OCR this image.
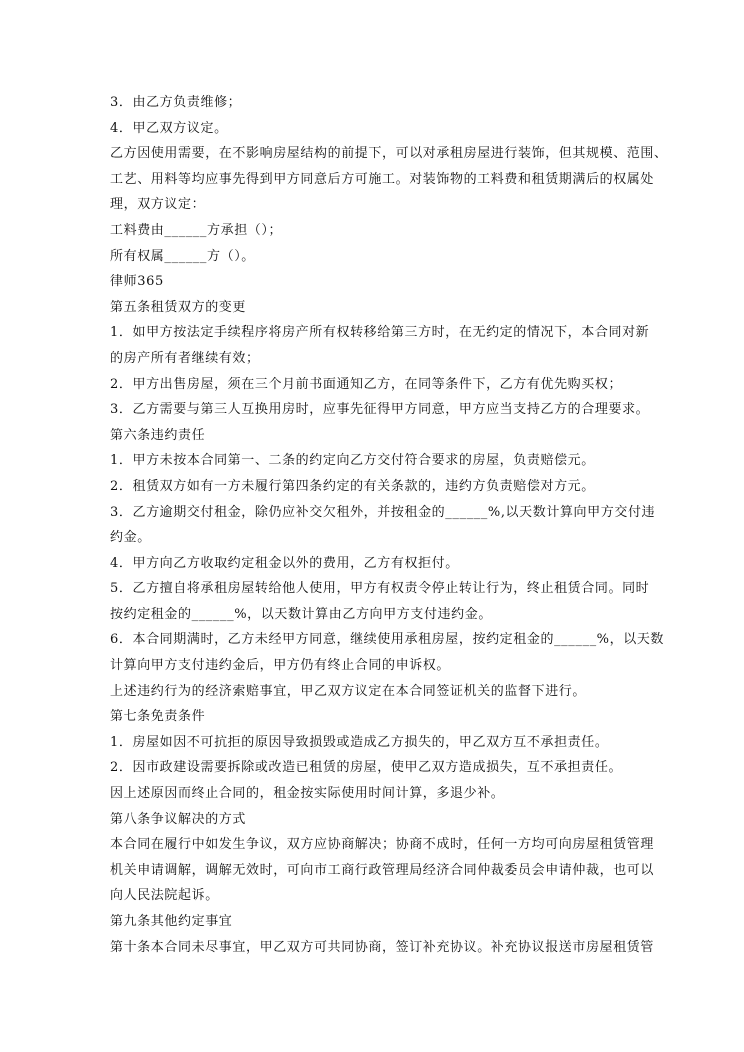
3．由乙方负责维修；
4．甲乙双方议定。
乙方因使用需要，在不影响房屋结构的前提下，可以对承租房屋进行装饰，但其规模、范围、
工艺、用料等均应事先得到甲方同意后方可施工。对装饰物的工料费和租赁期满后的权属处
理，双方议定：
工料费由______方承担（）；
所有权属______方（）。
律师365
第五条租赁双方的变更
1．如甲方按法定手续程序将房产所有权转移给第三方时，在无约定的情况下，本合同对新
的房产所有者继续有效；
2．甲方出售房屋，须在三个月前书面通知乙方，在同等条件下，乙方有优先购买权；
3．乙方需要与第三人互换用房时，应事先征得甲方同意，甲方应当支持乙方的合理要求。
第六条违约责任
1．甲方未按本合同第一、二条的约定向乙方交付符合要求的房屋，负责赔偿元。
2．租赁双方如有一方未履行第四条约定的有关条款的，违约方负责赔偿对方元。
3．乙方逾期交付租金，除仍应补交欠租外，并按租金的______%,以天数计算向甲方交付违
约金。
4．甲方向乙方收取约定租金以外的费用，乙方有权拒付。
5．乙方擅自将承租房屋转给他人使用，甲方有权责令停止转让行为，终止租赁合同。同时
按约定租金的______%，以天数计算由乙方向甲方支付违约金。
6．本合同期满时，乙方未经甲方同意，继续使用承租房屋，按约定租金的______%，以天数
计算向甲方支付违约金后，甲方仍有终止合同的申诉权。
上述违约行为的经济索赔事宜，甲乙双方议定在本合同签证机关的监督下进行。
第七条免责条件
1．房屋如因不可抗拒的原因导致损毁或造成乙方损失的，甲乙双方互不承担责任。
2．因市政建设需要拆除或改造已租赁的房屋，使甲乙双方造成损失，互不承担责任。
因上述原因而终止合同的，租金按实际使用时间计算，多退少补。
第八条争议解决的方式
本合同在履行中如发生争议，双方应协商解决；协商不成时，任何一方均可向房屋租赁管理
机关申请调解，调解无效时，可向市工商行政管理局经济合同仲裁委员会申请仲裁，也可以
向人民法院起诉。
第九条其他约定事宜
第十条本合同未尽事宜，甲乙双方可共同协商，签订补充协议。补充协议报送市房屋租赁管
